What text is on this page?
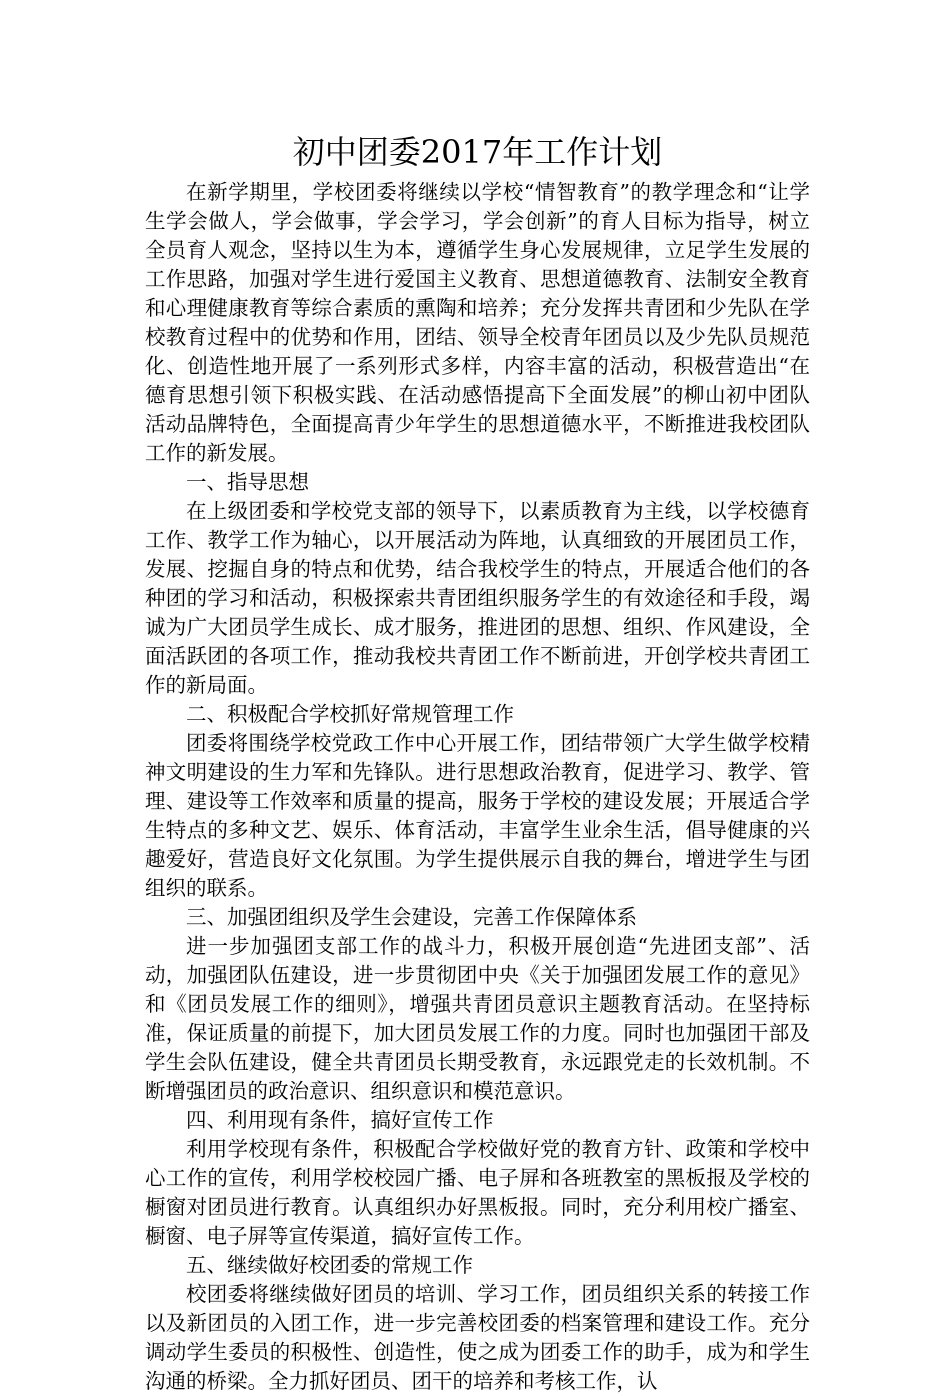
初中团委2017年工作计划

在新学期里，学校团委将继续以学校“情智教育”的教学理念和“让学生学会做人，学会做事，学会学习，学会创新”的育人目标为指导，树立全员育人观念，坚持以生为本，遵循学生身心发展规律，立足学生发展的工作思路，加强对学生进行爱国主义教育、思想道德教育、法制安全教育和心理健康教育等综合素质的熏陶和培养；充分发挥共青团和少先队在学校教育过程中的优势和作用，团结、领导全校青年团员以及少先队员规范化、创造性地开展了一系列形式多样，内容丰富的活动，积极营造出“在德育思想引领下积极实践、在活动感悟提高下全面发展”的柳山初中团队活动品牌特色，全面提高青少年学生的思想道德水平，不断推进我校团队工作的新发展。

一、指导思想

在上级团委和学校党支部的领导下，以素质教育为主线，以学校德育工作、教学工作为轴心，以开展活动为阵地，认真细致的开展团员工作，发展、挖掘自身的特点和优势，结合我校学生的特点，开展适合他们的各种团的学习和活动，积极探索共青团组织服务学生的有效途径和手段，竭诚为广大团员学生成长、成才服务，推进团的思想、组织、作风建设，全面活跃团的各项工作，推动我校共青团工作不断前进，开创学校共青团工作的新局面。

二、积极配合学校抓好常规管理工作

团委将围绕学校党政工作中心开展工作，团结带领广大学生做学校精神文明建设的生力军和先锋队。进行思想政治教育，促进学习、教学、管理、建设等工作效率和质量的提高，服务于学校的建设发展；开展适合学生特点的多种文艺、娱乐、体育活动，丰富学生业余生活，倡导健康的兴趣爱好，营造良好文化氛围。为学生提供展示自我的舞台，增进学生与团组织的联系。

三、加强团组织及学生会建设，完善工作保障体系

进一步加强团支部工作的战斗力，积极开展创造“先进团支部”、活动，加强团队伍建设，进一步贯彻团中央《关于加强团发展工作的意见》和《团员发展工作的细则》，增强共青团员意识主题教育活动。在坚持标准，保证质量的前提下，加大团员发展工作的力度。同时也加强团干部及学生会队伍建设，健全共青团员长期受教育，永远跟党走的长效机制。不断增强团员的政治意识、组织意识和模范意识。

四、利用现有条件，搞好宣传工作

利用学校现有条件，积极配合学校做好党的教育方针、政策和学校中心工作的宣传，利用学校校园广播、电子屏和各班教室的黑板报及学校的橱窗对团员进行教育。认真组织办好黑板报。同时，充分利用校广播室、橱窗、电子屏等宣传渠道，搞好宣传工作。

五、继续做好校团委的常规工作

校团委将继续做好团员的培训、学习工作，团员组织关系的转接工作以及新团员的入团工作，进一步完善校团委的档案管理和建设工作。充分调动学生委员的积极性、创造性，使之成为团委工作的助手，成为和学生沟通的桥梁。全力抓好团员、团干的培养和考核工作，认
